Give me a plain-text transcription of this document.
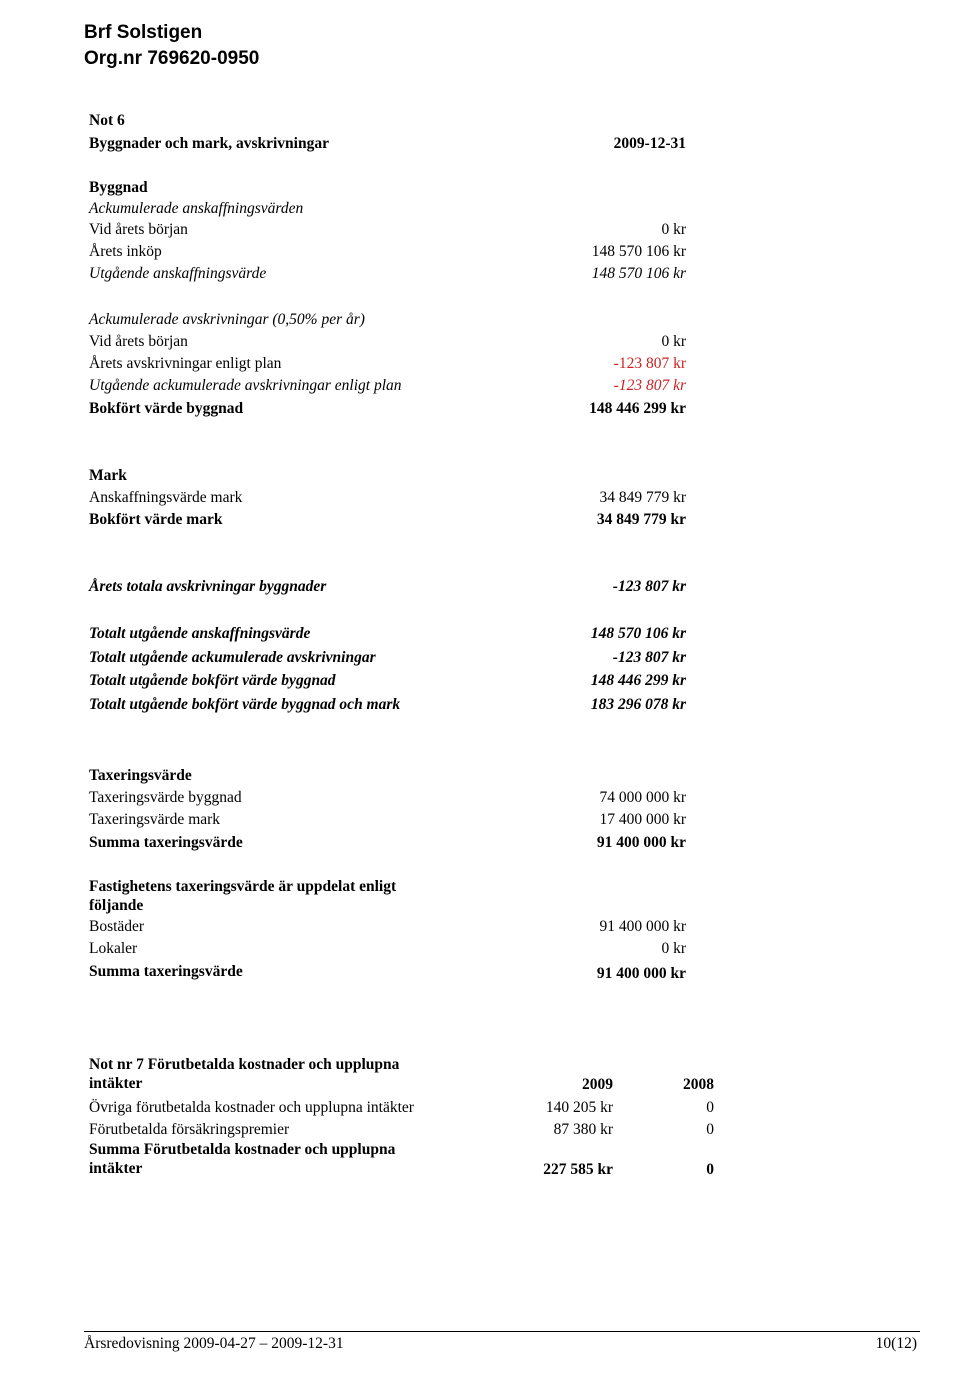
Brf Solstigen
Org.nr 769620-0950
Not 6
Byggnader och mark, avskrivningar	2009-12-31
Byggnad
Ackumulerade anskaffningsvärden
Vid årets början	0 kr
Årets inköp	148 570 106 kr
Utgående anskaffningsvärde	148 570 106 kr
Ackumulerade avskrivningar (0,50% per år)
Vid årets början	0 kr
Årets avskrivningar enligt plan	-123 807 kr
Utgående ackumulerade avskrivningar enligt plan	-123 807 kr
Bokfört värde byggnad	148 446 299 kr
Mark
Anskaffningsvärde mark	34 849 779 kr
Bokfört värde mark	34 849 779 kr
Årets totala avskrivningar byggnader	-123 807 kr
Totalt utgående anskaffningsvärde	148 570 106 kr
Totalt utgående ackumulerade avskrivningar	-123 807 kr
Totalt utgående bokfört värde byggnad	148 446 299 kr
Totalt utgående bokfört värde byggnad och mark	183 296 078 kr
Taxeringsvärde
Taxeringsvärde byggnad	74 000 000 kr
Taxeringsvärde mark	17 400 000 kr
Summa taxeringsvärde	91 400 000 kr
Fastighetens taxeringsvärde är uppdelat enligt följande
Bostäder	91 400 000 kr
Lokaler	0 kr
Summa taxeringsvärde	91 400 000 kr
Not nr 7 Förutbetalda kostnader och upplupna intäkter	2009	2008
Övriga förutbetalda kostnader och upplupna intäkter	140 205 kr	0
Förutbetalda försäkringspremier	87 380 kr	0
Summa Förutbetalda kostnader och upplupna intäkter	227 585 kr	0
Årsredovisning 2009-04-27 – 2009-12-31	10(12)
